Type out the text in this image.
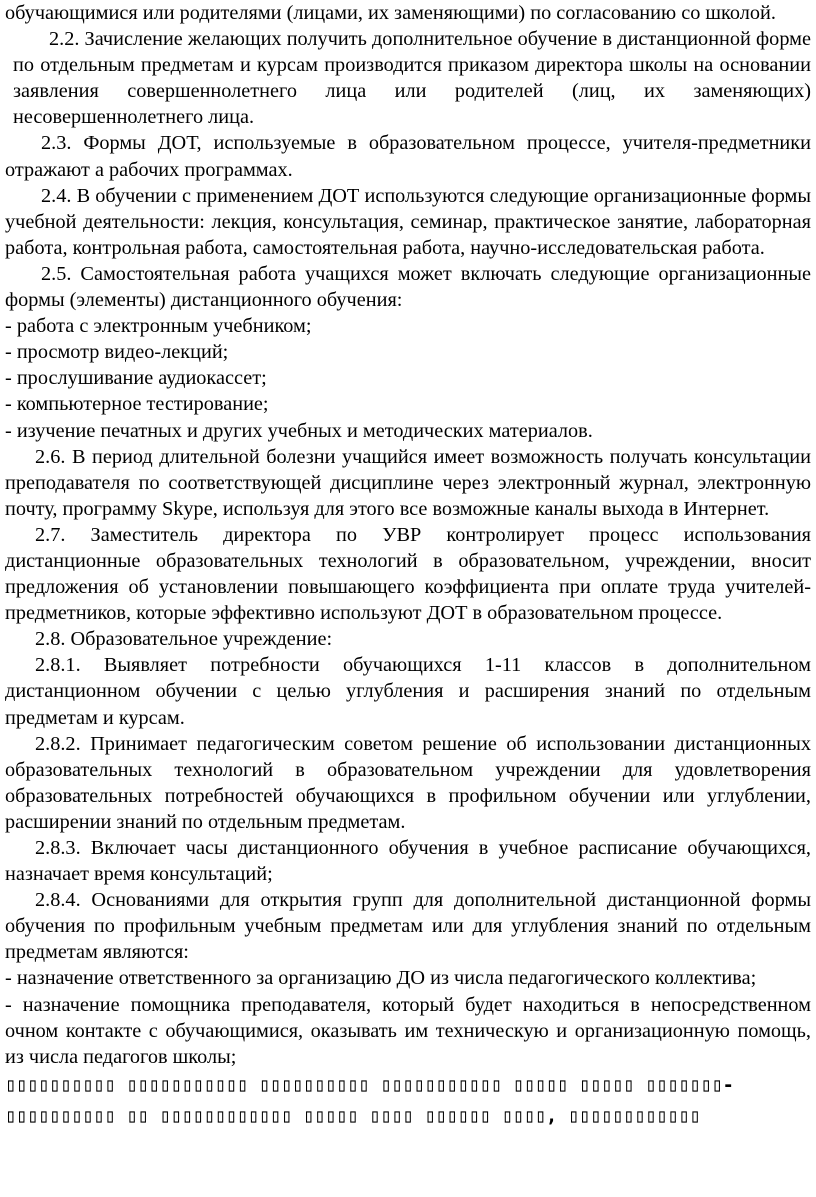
обучающимися или родителями (лицами, их заменяющими) по согласованию со школой.

2.2. Зачисление желающих получить дополнительное обучение в дистанционной форме по отдельным предметам и курсам производится приказом директора школы на основании заявления совершеннолетнего лица или родителей (лиц, их заменяющих) несовершеннолетнего лица.

2.3. Формы ДОТ, используемые в образовательном процессе, учителя-предметники отражают а рабочих программах.

2.4. В обучении с применением ДОТ используются следующие организационные формы учебной деятельности: лекция, консультация, семинар, практическое занятие, лабораторная работа, контрольная работа, самостоятельная работа, научно-исследовательская работа.

2.5. Самостоятельная работа учащихся может включать следующие организационные формы (элементы) дистанционного обучения:

- работа с электронным учебником;

- просмотр видео-лекций;

- прослушивание аудиокассет;

- компьютерное тестирование;

- изучение печатных и других учебных и методических материалов.

2.6. В период длительной болезни учащийся имеет возможность получать консультации преподавателя по соответствующей дисциплине через электронный журнал, электронную почту, программу Skype, используя для этого все возможные каналы выхода в Интернет.

2.7. Заместитель директора по УВР контролирует процесс использования дистанционные образовательных технологий в образовательном, учреждении, вносит предложения об установлении повышающего коэффициента при оплате труда учителей-предметников, которые эффективно используют ДОТ в образовательном процессе.

2.8. Образовательное учреждение:

2.8.1. Выявляет потребности обучающихся 1-11 классов в дополнительном дистанционном обучении с целью углубления и расширения знаний по отдельным предметам и курсам.

2.8.2. Принимает педагогическим советом решение об использовании дистанционных образовательных технологий в образовательном учреждении для удовлетворения образовательных потребностей обучающихся в профильном обучении или углублении, расширении знаний по отдельным предметам.

2.8.3. Включает часы дистанционного обучения в учебное расписание обучающихся, назначает время консультаций;

2.8.4. Основаниями для открытия групп для дополнительной дистанционной формы обучения по профильным учебным предметам или для углубления знаний по отдельным предметам являются:

- назначение ответственного за организацию ДО из числа педагогического коллектива;

- назначение помощника преподавателя, который будет находиться в непосредственном очном контакте с обучающимися, оказывать им техническую и организационную помощь, из числа педагогов школы;

▯▯▯▯▯▯▯▯▯▯ ▯▯▯▯▯▯▯▯▯▯▯ ▯▯▯▯▯▯▯▯▯▯ ▯▯▯▯▯▯▯▯▯▯▯ ▯▯▯▯▯ ▯▯▯▯▯ ▯▯▯▯▯▯▯-

▯▯▯▯▯▯▯▯▯▯ ▯▯ ▯▯▯▯▯▯▯▯▯▯▯▯ ▯▯▯▯▯ ▯▯▯▯ ▯▯▯▯▯▯ ▯▯▯▯, ▯▯▯▯▯▯▯▯▯▯▯▯
